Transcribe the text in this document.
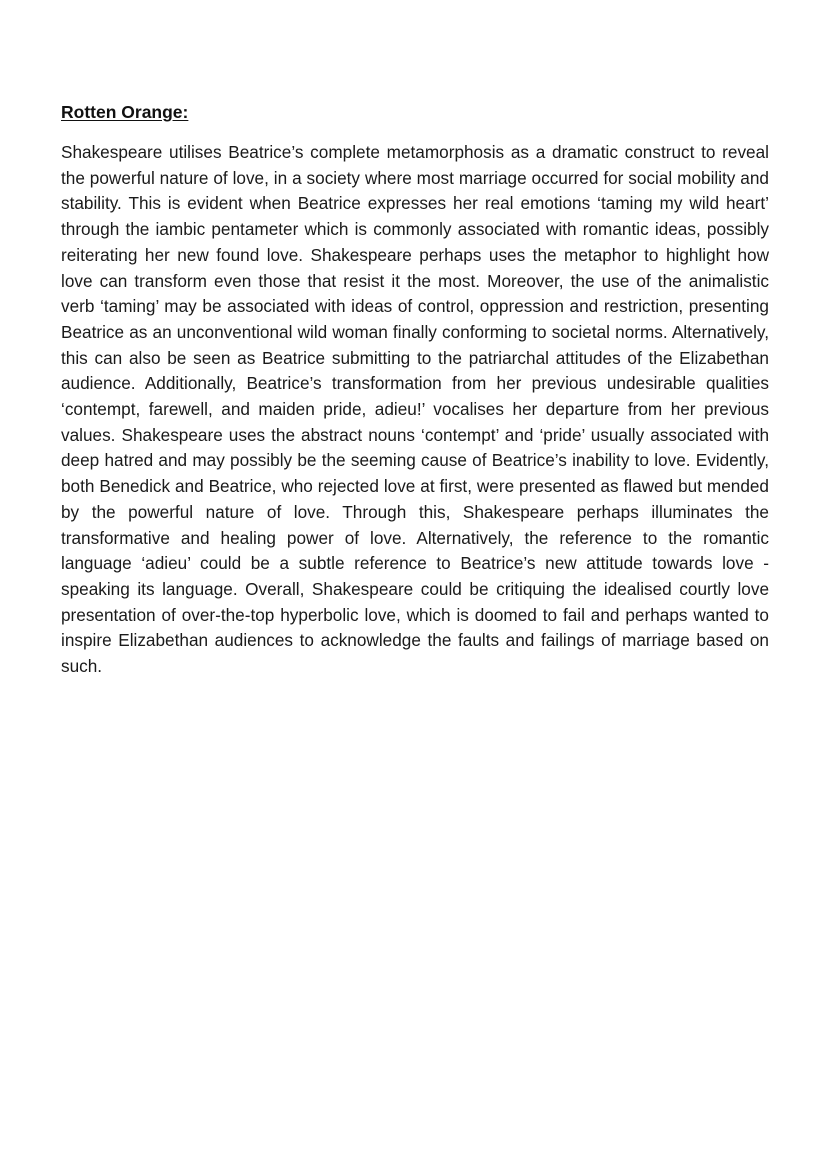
Rotten Orange:

Shakespeare utilises Beatrice’s complete metamorphosis as a dramatic construct to reveal the powerful nature of love, in a society where most marriage occurred for social mobility and stability. This is evident when Beatrice expresses her real emotions ‘taming my wild heart’ through the iambic pentameter which is commonly associated with romantic ideas, possibly reiterating her new found love. Shakespeare perhaps uses the metaphor to highlight how love can transform even those that resist it the most. Moreover, the use of the animalistic verb ‘taming’ may be associated with ideas of control, oppression and restriction, presenting Beatrice as an unconventional wild woman finally conforming to societal norms. Alternatively, this can also be seen as Beatrice submitting to the patriarchal attitudes of the Elizabethan audience. Additionally, Beatrice’s transformation from her previous undesirable qualities ‘contempt, farewell, and maiden pride, adieu!’ vocalises her departure from her previous values. Shakespeare uses the abstract nouns ‘contempt’ and ‘pride’ usually associated with deep hatred and may possibly be the seeming cause of Beatrice’s inability to love. Evidently, both Benedick and Beatrice, who rejected love at first, were presented as flawed but mended by the powerful nature of love. Through this, Shakespeare perhaps illuminates the transformative and healing power of love. Alternatively, the reference to the romantic language ‘adieu’ could be a subtle reference to Beatrice’s new attitude towards love - speaking its language. Overall, Shakespeare could be critiquing the idealised courtly love presentation of over-the-top hyperbolic love, which is doomed to fail and perhaps wanted to inspire Elizabethan audiences to acknowledge the faults and failings of marriage based on such.
